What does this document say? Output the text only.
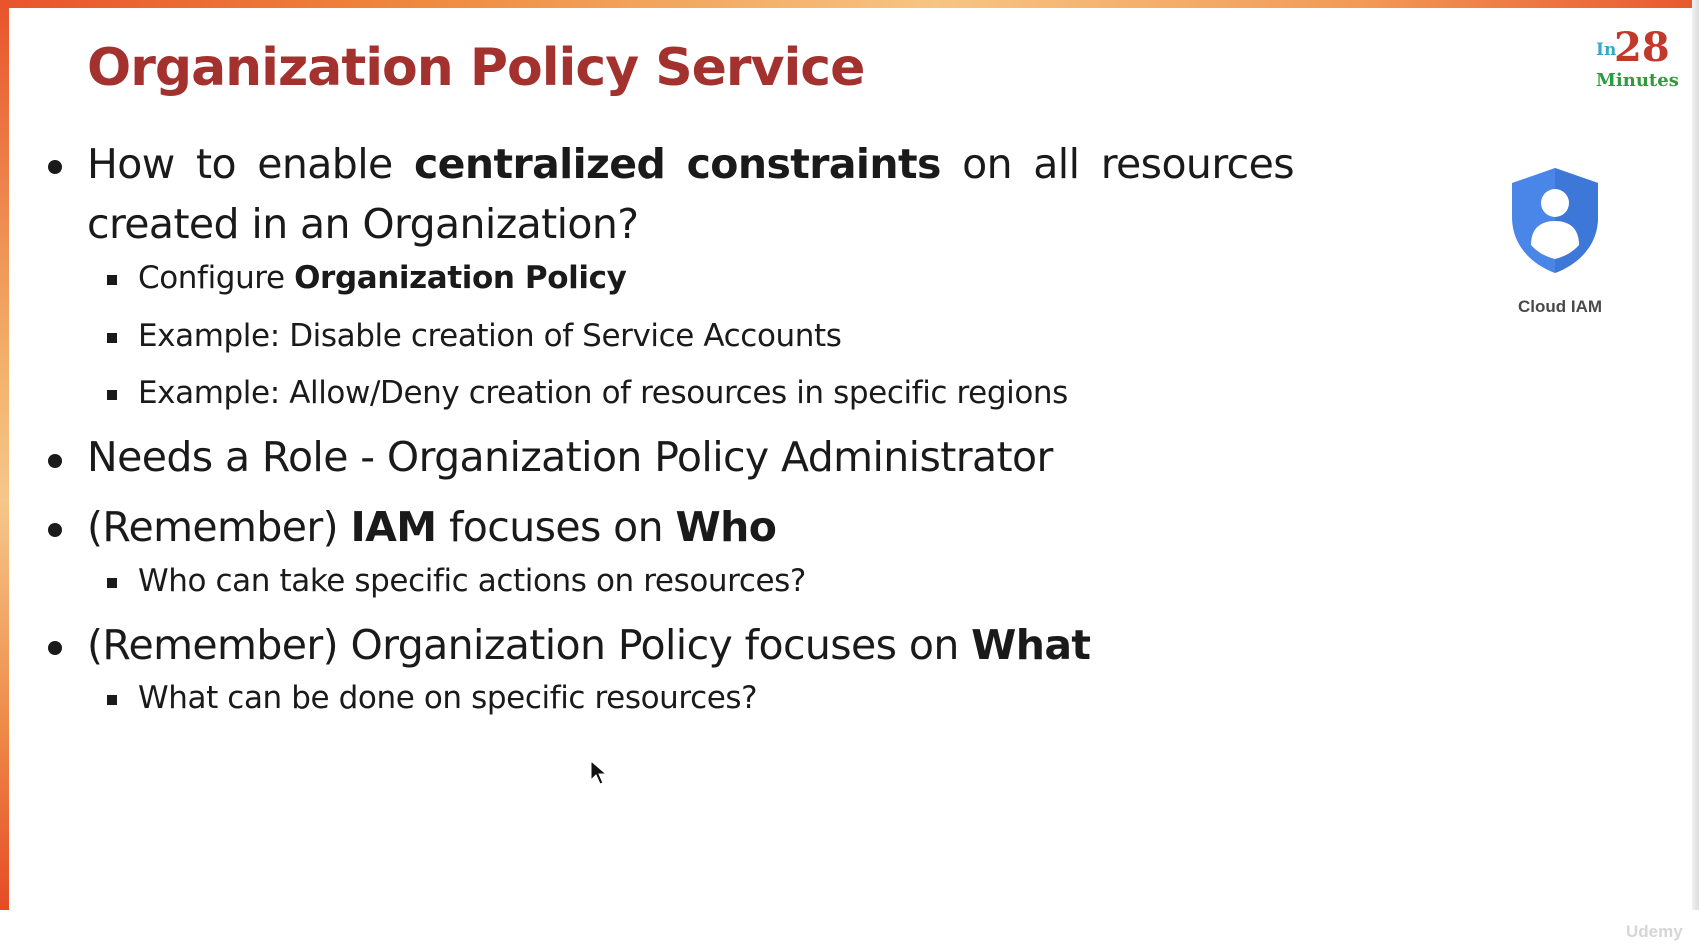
Organization Policy Service	In
28
Minutes
Cloud IAM
How to enable centralized constraints on all resources

created in an Organization?

Configure Organization Policy

Example: Disable creation of Service Accounts

Example: Allow/Deny creation of resources in specific regions

Needs a Role - Organization Policy Administrator

(Remember) IAM focuses on Who

Who can take specific actions on resources?

(Remember) Organization Policy focuses on What

What can be done on specific resources?

Udemy
